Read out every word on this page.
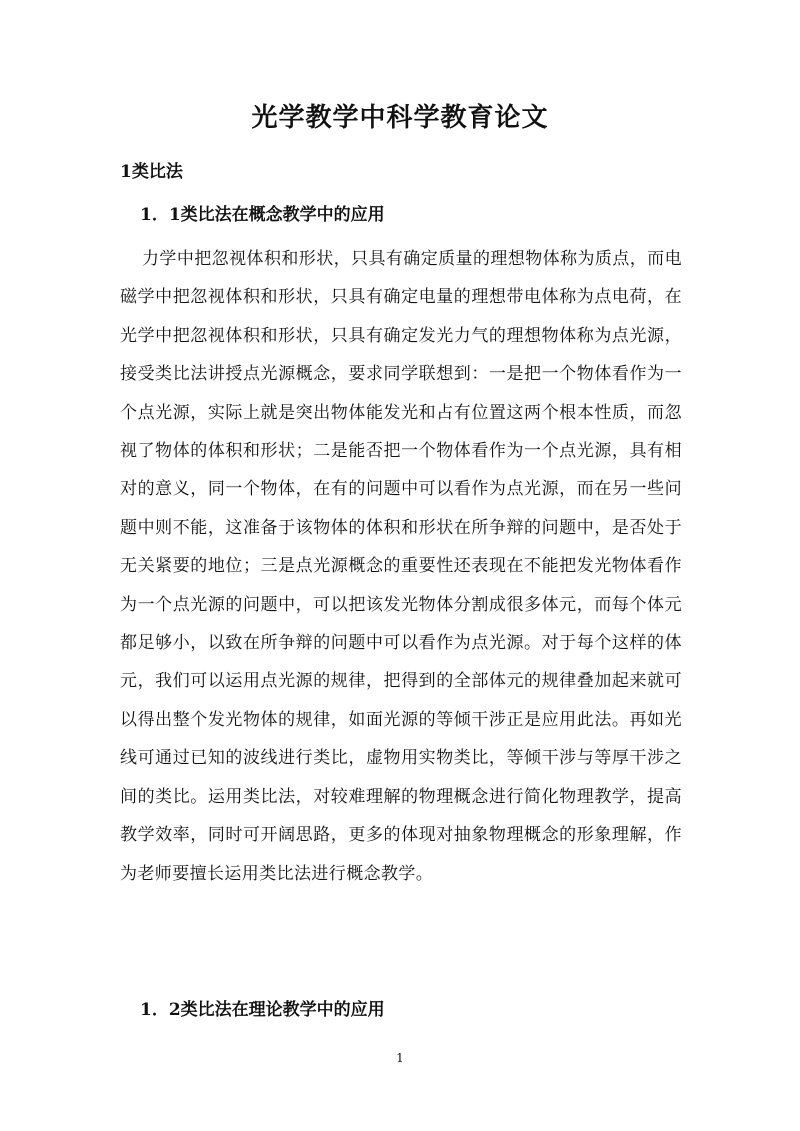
光学教学中科学教育论文
1类比法
1．1类比法在概念教学中的应用

力学中把忽视体积和形状，只具有确定质量的理想物体称为质点，而电磁学中把忽视体积和形状，只具有确定电量的理想带电体称为点电荷，在光学中把忽视体积和形状，只具有确定发光力气的理想物体称为点光源，接受类比法讲授点光源概念，要求同学联想到：一是把一个物体看作为一个点光源，实际上就是突出物体能发光和占有位置这两个根本性质，而忽视了物体的体积和形状；二是能否把一个物体看作为一个点光源，具有相对的意义，同一个物体，在有的问题中可以看作为点光源，而在另一些问题中则不能，这准备于该物体的体积和形状在所争辩的问题中，是否处于无关紧要的地位；三是点光源概念的重要性还表现在不能把发光物体看作为一个点光源的问题中，可以把该发光物体分割成很多体元，而每个体元都足够小，以致在所争辩的问题中可以看作为点光源。对于每个这样的体元，我们可以运用点光源的规律，把得到的全部体元的规律叠加起来就可以得出整个发光物体的规律，如面光源的等倾干涉正是应用此法。再如光线可通过已知的波线进行类比，虚物用实物类比，等倾干涉与等厚干涉之间的类比。运用类比法，对较难理解的物理概念进行简化物理教学，提高教学效率，同时可开阔思路，更多的体现对抽象物理概念的形象理解，作为老师要擅长运用类比法进行概念教学。

1．2类比法在理论教学中的应用
1
